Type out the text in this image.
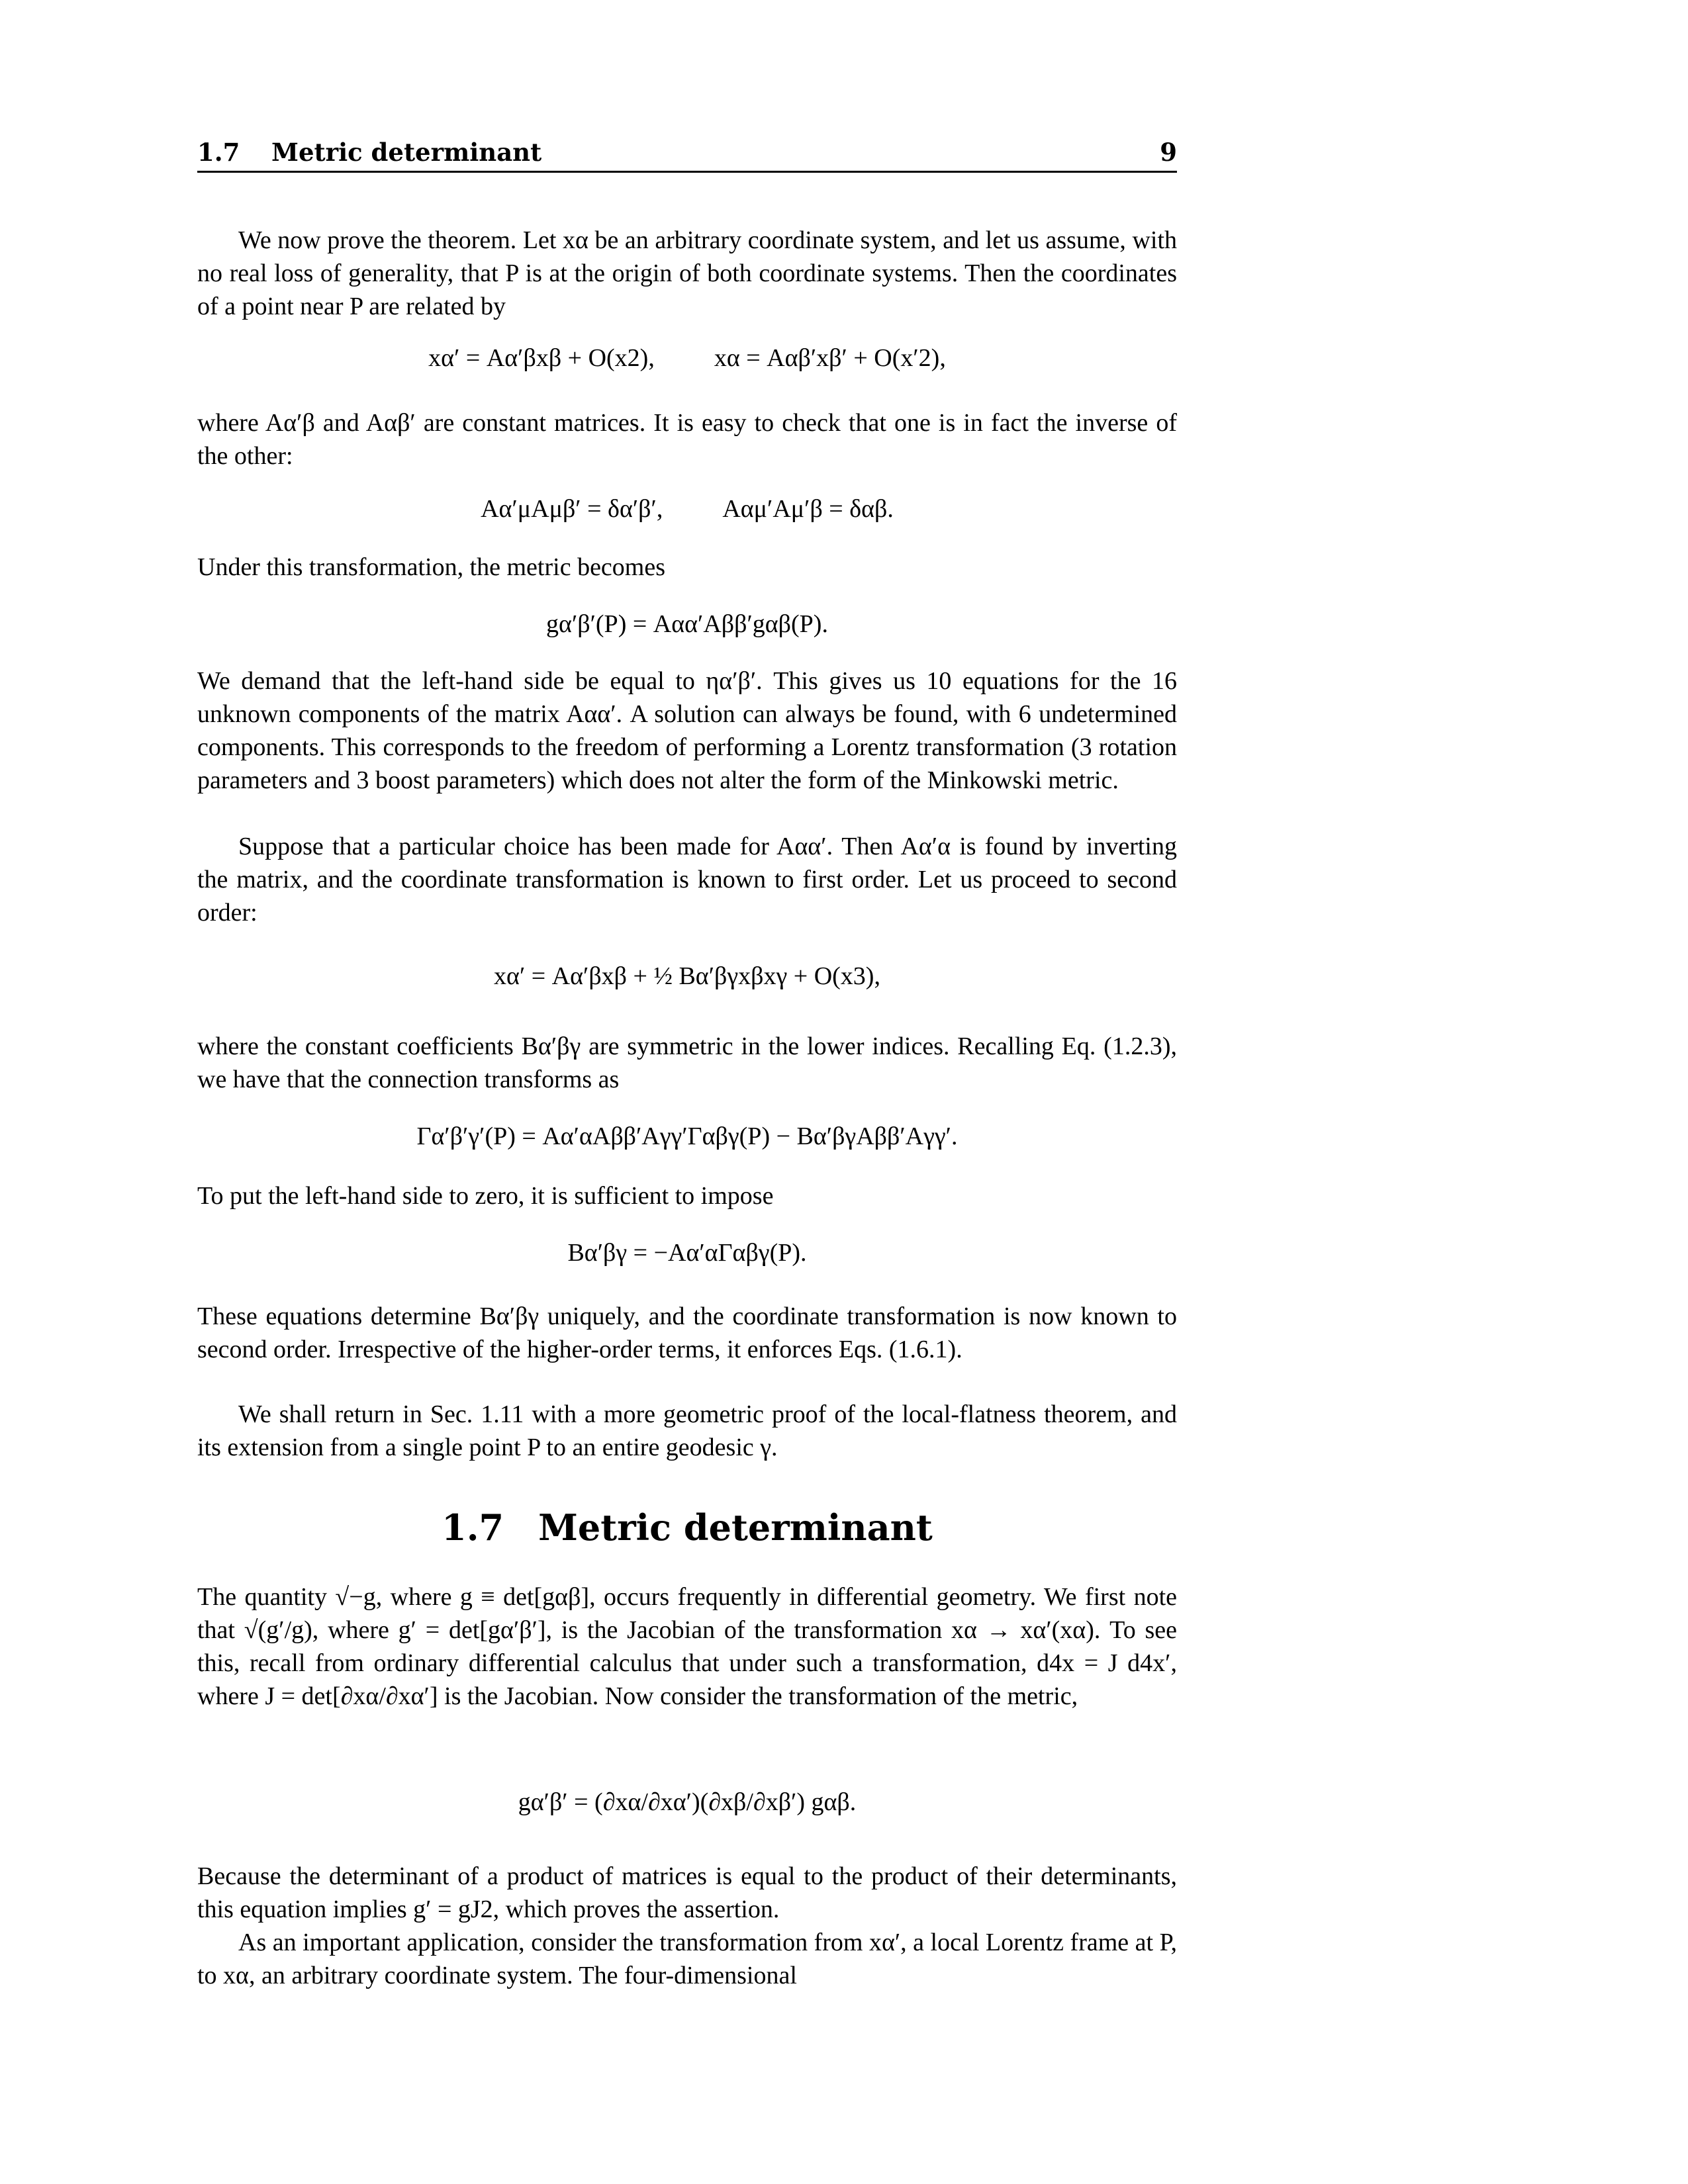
1.7 Metric determinant	9

We now prove the theorem. Let xα be an arbitrary coordinate system, and let us assume, with no real loss of generality, that P is at the origin of both coordinate systems. Then the coordinates of a point near P are related by

xα′ = Aα′βxβ + O(x2), xα = Aαβ′xβ′ + O(x′2),

where Aα′β and Aαβ′ are constant matrices. It is easy to check that one is in fact the inverse of the other:

Aα′μAμβ′ = δα′β′, Aαμ′Aμ′β = δαβ.

Under this transformation, the metric becomes

gα′β′(P) = Aαα′Aββ′gαβ(P).

We demand that the left-hand side be equal to ηα′β′. This gives us 10 equations for the 16 unknown components of the matrix Aαα′. A solution can always be found, with 6 undetermined components. This corresponds to the freedom of performing a Lorentz transformation (3 rotation parameters and 3 boost parameters) which does not alter the form of the Minkowski metric.

Suppose that a particular choice has been made for Aαα′. Then Aα′α is found by inverting the matrix, and the coordinate transformation is known to first order. Let us proceed to second order:

xα′ = Aα′βxβ + ½ Bα′βγxβxγ + O(x3),

where the constant coefficients Bα′βγ are symmetric in the lower indices. Recalling Eq. (1.2.3), we have that the connection transforms as

Γα′β′γ′(P) = Aα′αAββ′Aγγ′Γαβγ(P) − Bα′βγAββ′Aγγ′.

To put the left-hand side to zero, it is sufficient to impose

Bα′βγ = −Aα′αΓαβγ(P).

These equations determine Bα′βγ uniquely, and the coordinate transformation is now known to second order. Irrespective of the higher-order terms, it enforces Eqs. (1.6.1).

We shall return in Sec. 1.11 with a more geometric proof of the local-flatness theorem, and its extension from a single point P to an entire geodesic γ.

1.7 Metric determinant

The quantity √−g, where g ≡ det[gαβ], occurs frequently in differential geometry. We first note that √(g′/g), where g′ = det[gα′β′], is the Jacobian of the transformation xα → xα′(xα). To see this, recall from ordinary differential calculus that under such a transformation, d4x = J d4x′, where J = det[∂xα/∂xα′] is the Jacobian. Now consider the transformation of the metric,

gα′β′ = (∂xα/∂xα′)(∂xβ/∂xβ′) gαβ.

Because the determinant of a product of matrices is equal to the product of their determinants, this equation implies g′ = gJ2, which proves the assertion.

As an important application, consider the transformation from xα′, a local Lorentz frame at P, to xα, an arbitrary coordinate system. The four-dimensional
